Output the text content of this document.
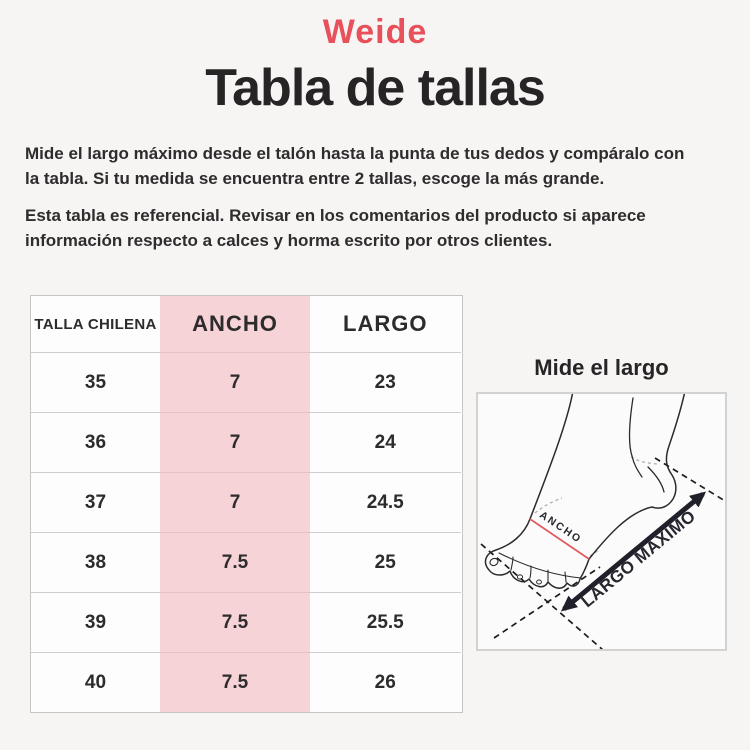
Weide
Tabla de tallas
Mide el largo máximo desde el talón hasta la punta de tus dedos y compáralo con
la tabla. Si tu medida se encuentra entre 2 tallas, escoge la más grande.
Esta tabla es referencial. Revisar en los comentarios del producto si aparece
información respecto a calces y horma escrito por otros clientes.
TALLA CHILENA	ANCHO	LARGO
35	7	23
36	7	24
37	7	24.5
38	7.5	25
39	7.5	25.5
40	7.5	26
Mide el largo
ANCHO
LARGO MAXIMO
